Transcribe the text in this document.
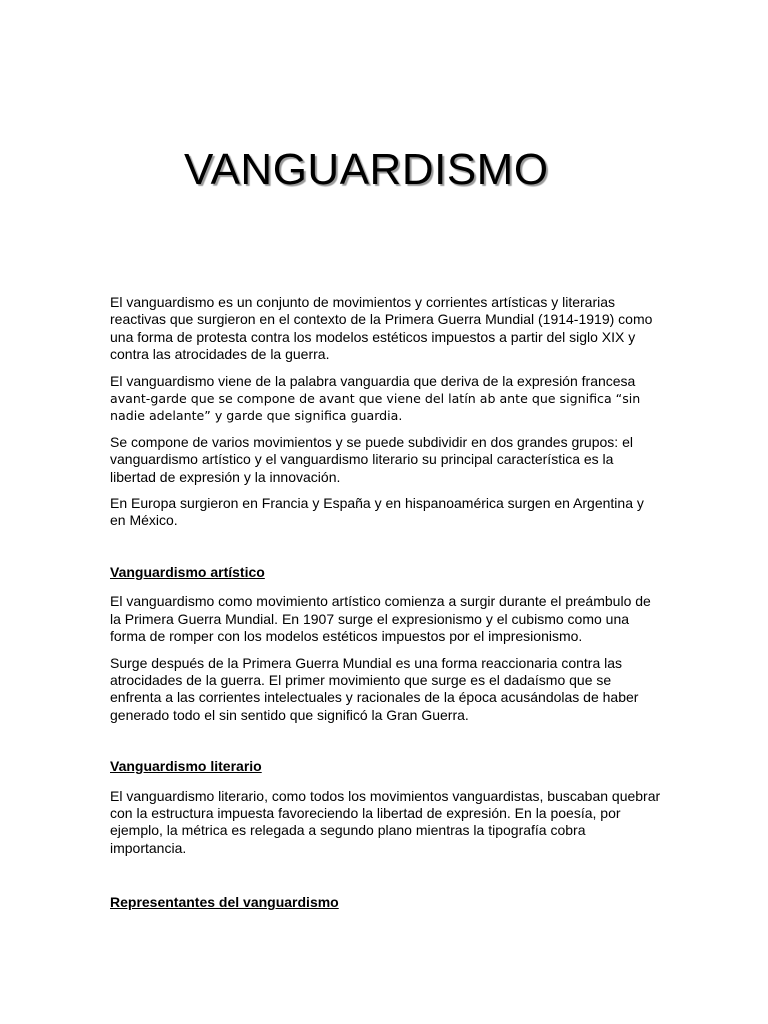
VANGUARDISMO

El vanguardismo es un conjunto de movimientos y corrientes artísticas y literarias reactivas que surgieron en el contexto de la Primera Guerra Mundial (1914-1919) como una forma de protesta contra los modelos estéticos impuestos a partir del siglo XIX y contra las atrocidades de la guerra.

El vanguardismo viene de la palabra vanguardia que deriva de la expresión francesa avant-garde que se compone de avant que viene del latín ab ante que significa “sin nadie adelante” y garde que significa guardia.

Se compone de varios movimientos y se puede subdividir en dos grandes grupos: el vanguardismo artístico y el vanguardismo literario su principal característica es la libertad de expresión y la innovación.

En Europa surgieron en Francia y España y en hispanoamérica surgen en Argentina y en México.

Vanguardismo artístico

El vanguardismo como movimiento artístico comienza a surgir durante el preámbulo de la Primera Guerra Mundial. En 1907 surge el expresionismo y el cubismo como una forma de romper con los modelos estéticos impuestos por el impresionismo.

Surge después de la Primera Guerra Mundial es una forma reaccionaria contra las atrocidades de la guerra. El primer movimiento que surge es el dadaísmo que se enfrenta a las corrientes intelectuales y racionales de la época acusándolas de haber generado todo el sin sentido que significó la Gran Guerra.

Vanguardismo literario

El vanguardismo literario, como todos los movimientos vanguardistas, buscaban quebrar con la estructura impuesta favoreciendo la libertad de expresión. En la poesía, por ejemplo, la métrica es relegada a segundo plano mientras la tipografía cobra importancia.

Representantes del vanguardismo
